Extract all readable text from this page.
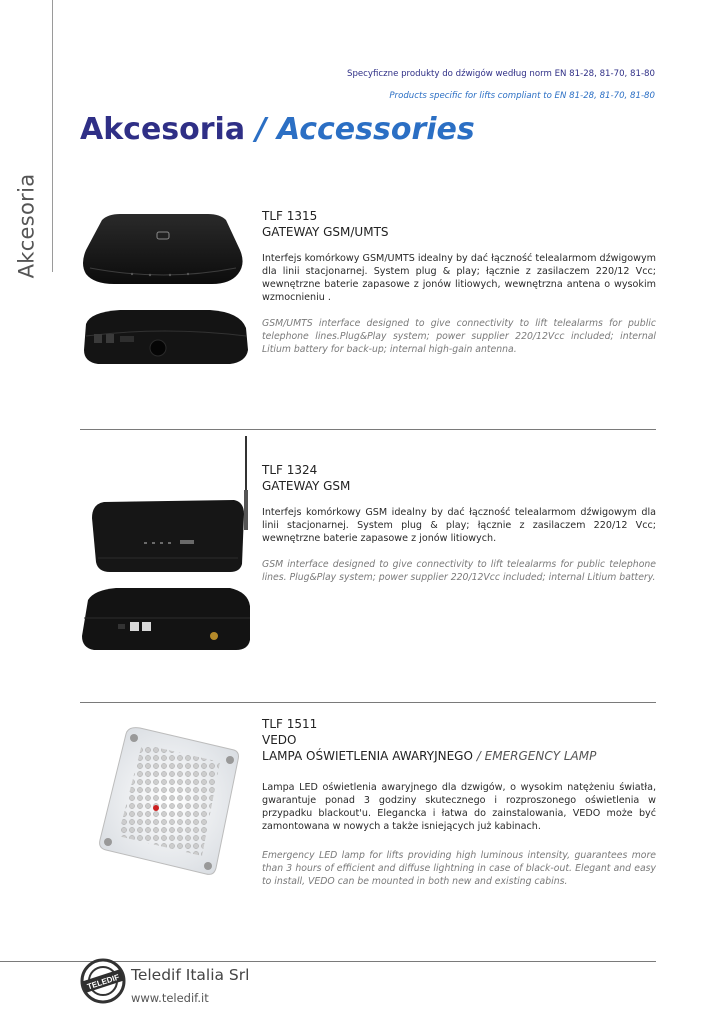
Akcesoria
Specyficzne produkty do dźwigów według norm EN 81-28, 81-70, 81-80
Products specific for lifts compliant to EN 81-28, 81-70, 81-80
Akcesoria / Accessories
TLF 1315
GATEWAY GSM/UMTS
Interfejs komórkowy GSM/UMTS idealny by dać łączność telealarmom dźwigowym dla linii stacjonarnej. System plug & play; łącznie z zasilaczem 220/12 Vcc; wewnętrzne baterie zapasowe z jonów litiowych, wewnętrzna antena o wysokim wzmocnieniu .
GSM/UMTS interface designed to give connectivity to lift telealarms for public telephone lines.Plug&Play system; power supplier 220/12Vcc included; internal Litium battery for back-up; internal high-gain antenna.
TLF 1324
GATEWAY GSM
Interfejs komórkowy GSM idealny by dać łączność telealarmom dźwigowym dla linii stacjonarnej. System plug & play; łącznie z zasilaczem 220/12 Vcc; wewnętrzne baterie zapasowe z jonów litiowych.
GSM interface designed to give connectivity to lift telealarms for public telephone lines. Plug&Play system; power supplier 220/12Vcc included; internal Litium battery.
TLF 1511
VEDO
LAMPA OŚWIETLENIA AWARYJNEGO / EMERGENCY LAMP
Lampa LED oświetlenia awaryjnego dla dzwigów, o wysokim natężeniu światła, gwarantuje ponad 3 godziny skutecznego i rozproszonego oświetlenia w przypadku blackout'u. Elegancka i łatwa do zainstalowania, VEDO może być zamontowana w nowych a także isniejących już kabinach.
Emergency LED lamp for lifts providing high luminous intensity, guarantees more than 3 hours of efficient and diffuse lightning in case of black-out. Elegant and easy to install, VEDO can be mounted in both new and existing cabins.
TELEDIF Teledif Italia Srl
www.teledif.it
